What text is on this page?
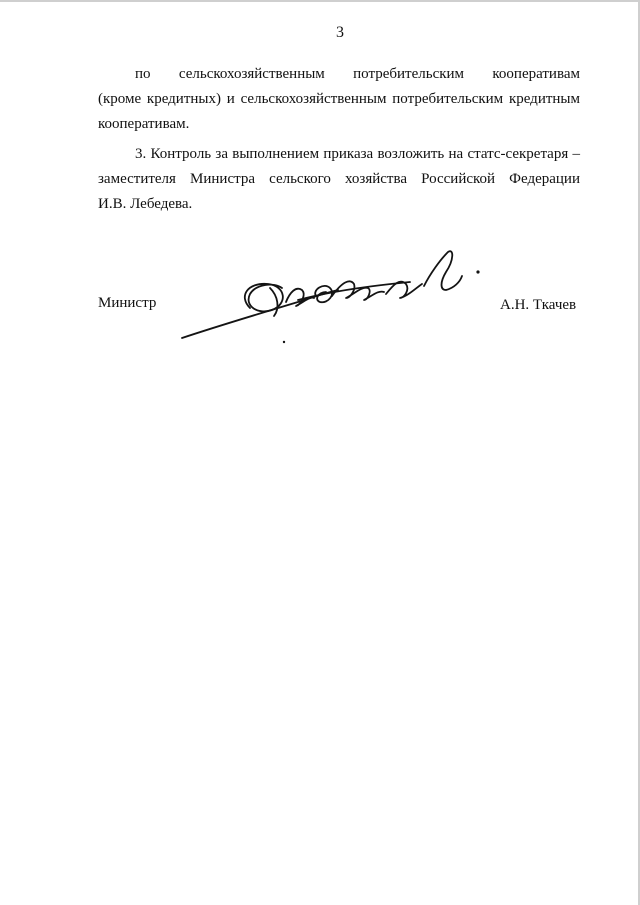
3
по сельскохозяйственным потребительским кооперативам
(кроме кредитных) и сельскохозяйственным потребительским кредитным
кооперативам.
3. Контроль за выполнением приказа возложить на статс-секретаря –
заместителя Министра сельского хозяйства Российской Федерации
И.В. Лебедева.
Министр	А.Н. Ткачев
